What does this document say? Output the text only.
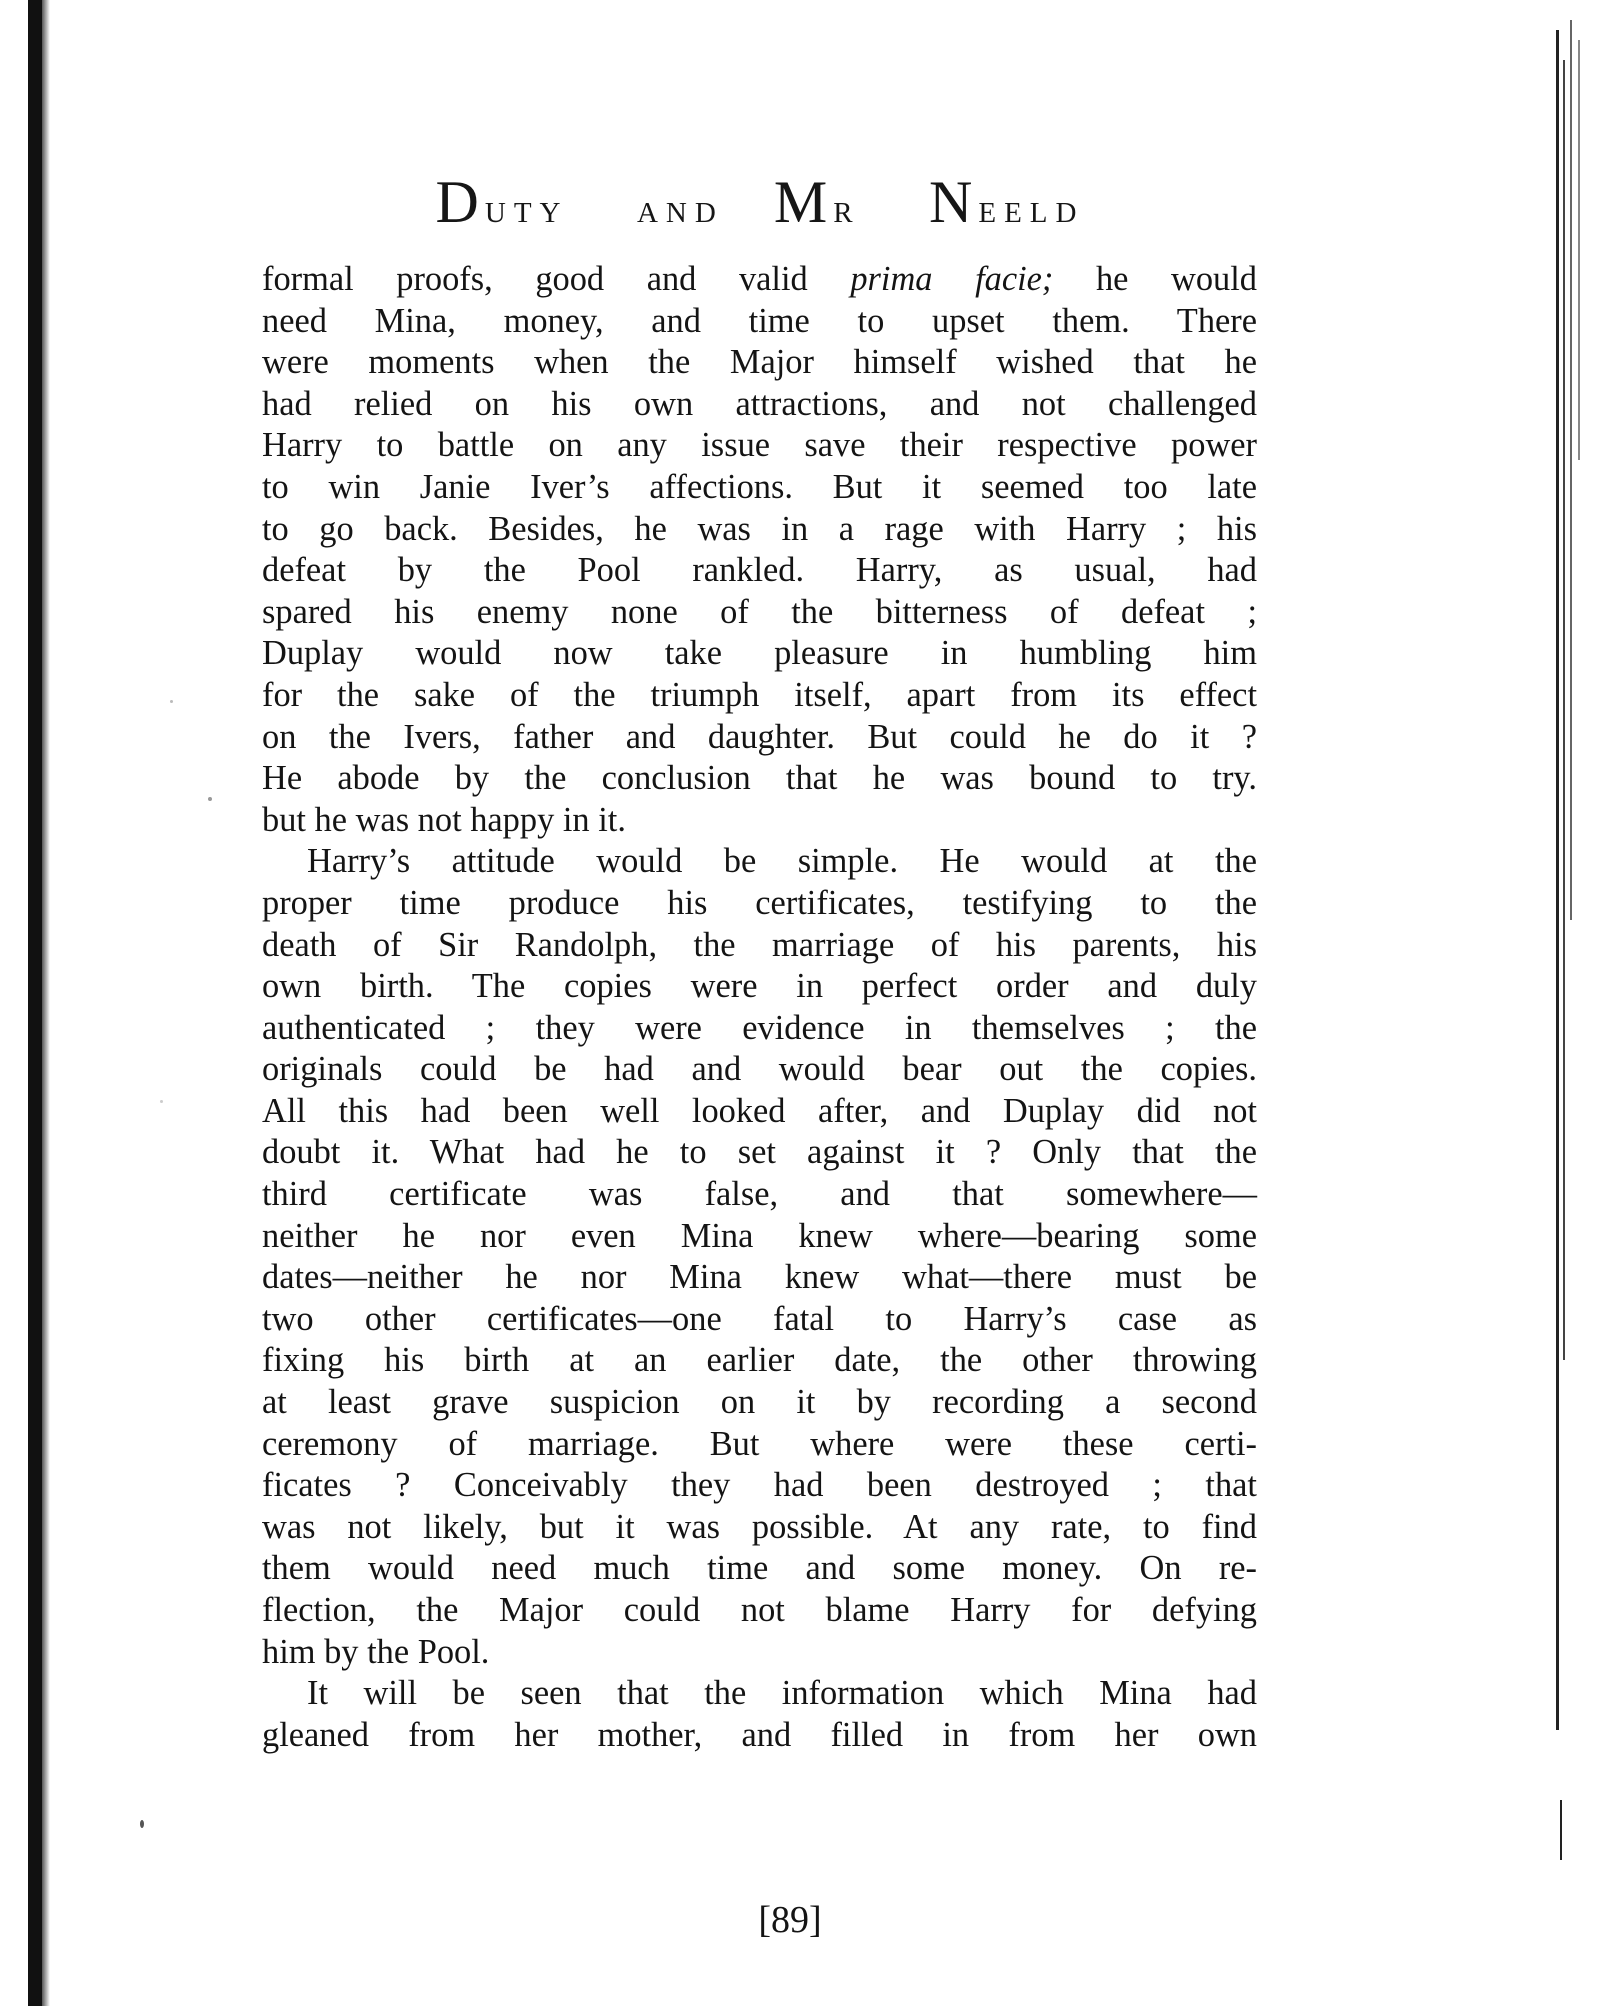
Duty   and  Mr   Neeld
formal proofs, good and valid prima facie; he would
need Mina, money, and time to upset them. There
were moments when the Major himself wished that he
had relied on his own attractions, and not challenged
Harry to battle on any issue save their respective power
to win Janie Iver’s affections. But it seemed too late
to go back. Besides, he was in a rage with Harry ; his
defeat by the Pool rankled. Harry, as usual, had
spared his enemy none of the bitterness of defeat ;
Duplay would now take pleasure in humbling him
for the sake of the triumph itself, apart from its effect
on the Ivers, father and daughter. But could he do it ?
He abode by the conclusion that he was bound to try.
but he was not happy in it.
Harry’s attitude would be simple. He would at the
proper time produce his certificates, testifying to the
death of Sir Randolph, the marriage of his parents, his
own birth. The copies were in perfect order and duly
authenticated ; they were evidence in themselves ; the
originals could be had and would bear out the copies.
All this had been well looked after, and Duplay did not
doubt it. What had he to set against it ? Only that the
third certificate was false, and that somewhere—
neither he nor even Mina knew where—bearing some
dates—neither he nor Mina knew what—there must be
two other certificates—one fatal to Harry’s case as
fixing his birth at an earlier date, the other throwing
at least grave suspicion on it by recording a second
ceremony of marriage. But where were these certi-
ficates ? Conceivably they had been destroyed ; that
was not likely, but it was possible. At any rate, to find
them would need much time and some money. On re-
flection, the Major could not blame Harry for defying
him by the Pool.
It will be seen that the information which Mina had
gleaned from her mother, and filled in from her own
[89]
